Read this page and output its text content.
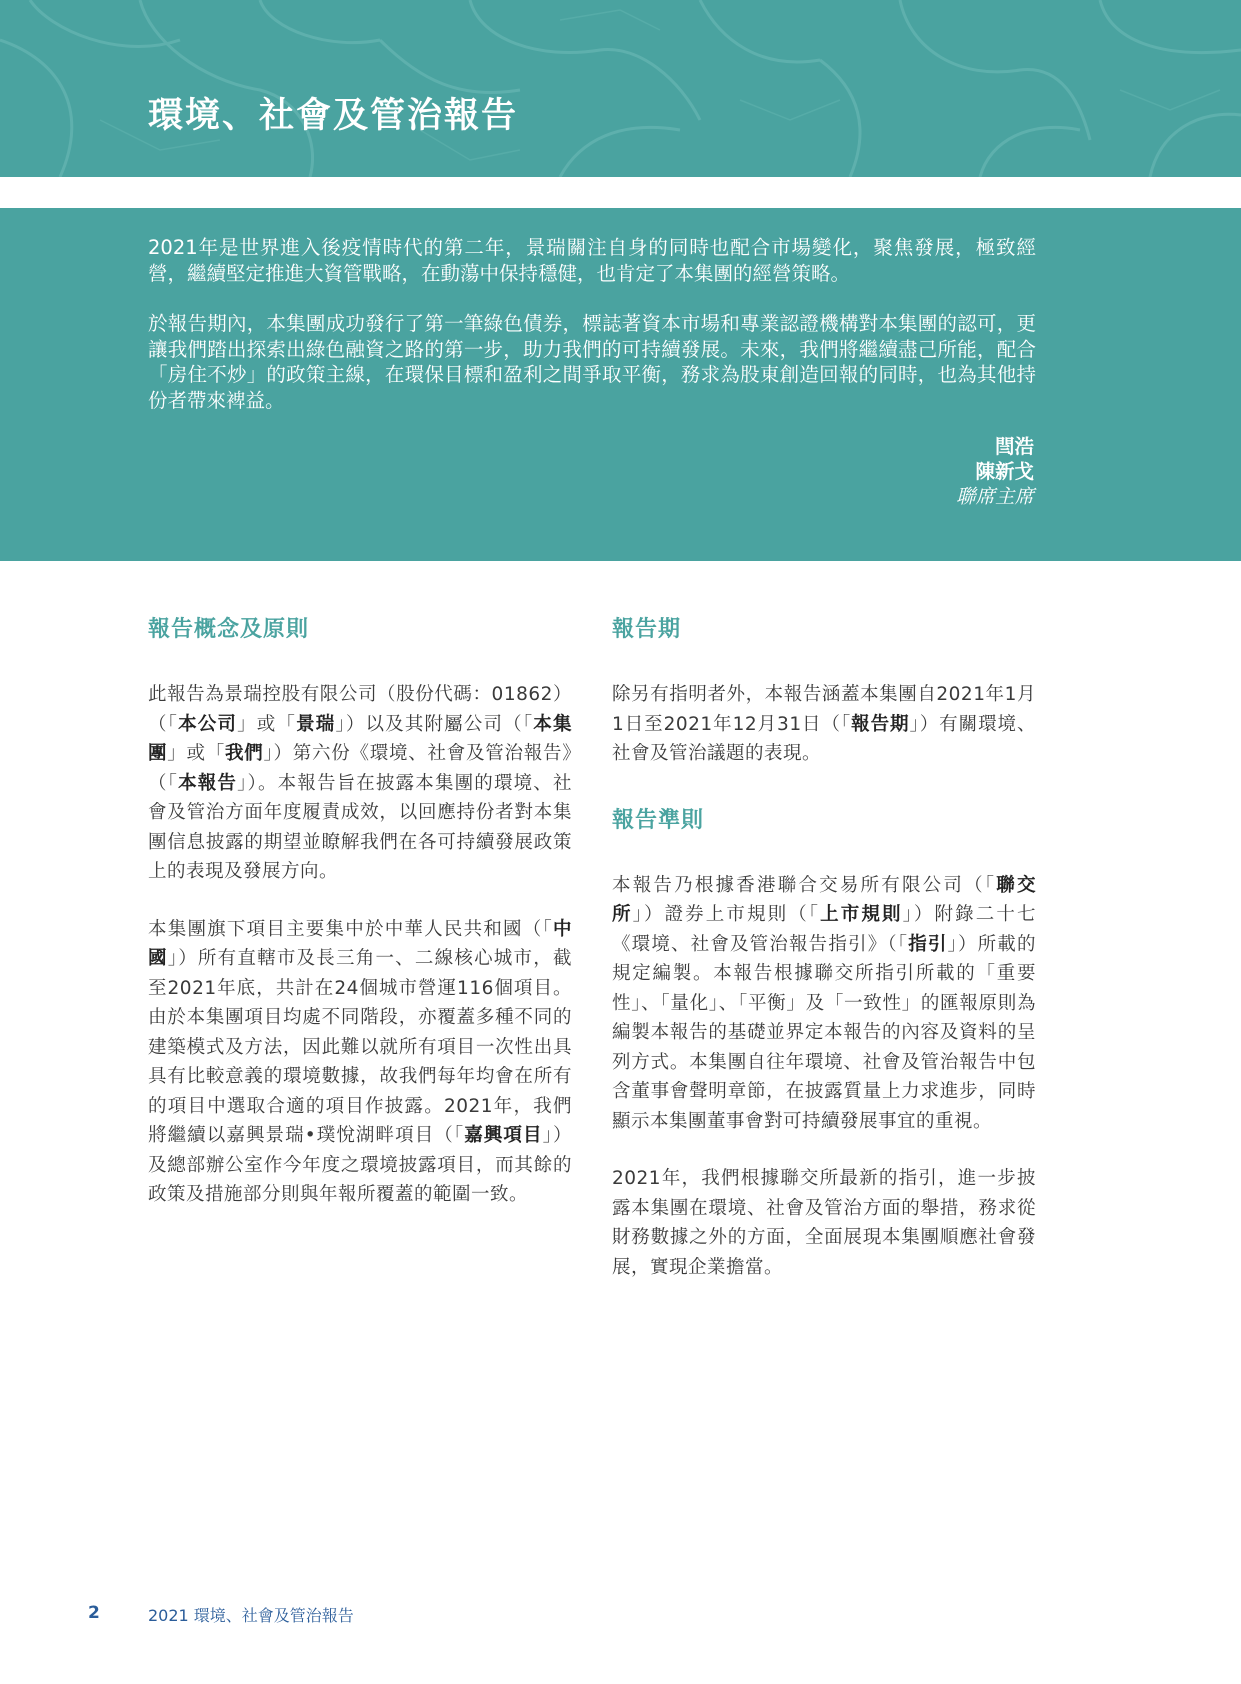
環境、社會及管治報告

2021年是世界進入後疫情時代的第二年，景瑞關注自身的同時也配合市場變化，聚焦發展，極致經營，繼續堅定推進大資管戰略，在動蕩中保持穩健，也肯定了本集團的經營策略。

於報告期內，本集團成功發行了第一筆綠色債券，標誌著資本市場和專業認證機構對本集團的認可，更讓我們踏出探索出綠色融資之路的第一步，助力我們的可持續發展。未來，我們將繼續盡己所能，配合「房住不炒」的政策主線，在環保目標和盈利之間爭取平衡，務求為股東創造回報的同時，也為其他持份者帶來裨益。

閆浩
陳新戈
聯席主席
報告概念及原則

此報告為景瑞控股有限公司（股份代碼：01862）（「本公司」或「景瑞」）以及其附屬公司（「本集團」或「我們」）第六份《環境、社會及管治報告》（「本報告」）。本報告旨在披露本集團的環境、社會及管治方面年度履責成效，以回應持份者對本集團信息披露的期望並瞭解我們在各可持續發展政策上的表現及發展方向。

本集團旗下項目主要集中於中華人民共和國（「中國」）所有直轄市及長三角一、二線核心城市，截至2021年底，共計在24個城市營運116個項目。由於本集團項目均處不同階段，亦覆蓋多種不同的建築模式及方法，因此難以就所有項目一次性出具具有比較意義的環境數據，故我們每年均會在所有的項目中選取合適的項目作披露。2021年，我們將繼續以嘉興景瑞•璞悅湖畔項目（「嘉興項目」）及總部辦公室作今年度之環境披露項目，而其餘的政策及措施部分則與年報所覆蓋的範圍一致。

報告期

除另有指明者外，本報告涵蓋本集團自2021年1月1日至2021年12月31日（「報告期」）有關環境、社會及管治議題的表現。

報告準則

本報告乃根據香港聯合交易所有限公司（「聯交所」）證券上市規則（「上市規則」）附錄二十七《環境、社會及管治報告指引》（「指引」）所載的規定編製。本報告根據聯交所指引所載的「重要性」、「量化」、「平衡」及「一致性」的匯報原則為編製本報告的基礎並界定本報告的內容及資料的呈列方式。本集團自往年環境、社會及管治報告中包含董事會聲明章節，在披露質量上力求進步，同時顯示本集團董事會對可持續發展事宜的重視。

2021年，我們根據聯交所最新的指引，進一步披露本集團在環境、社會及管治方面的舉措，務求從財務數據之外的方面，全面展現本集團順應社會發展，實現企業擔當。

2	2021 環境、社會及管治報告
